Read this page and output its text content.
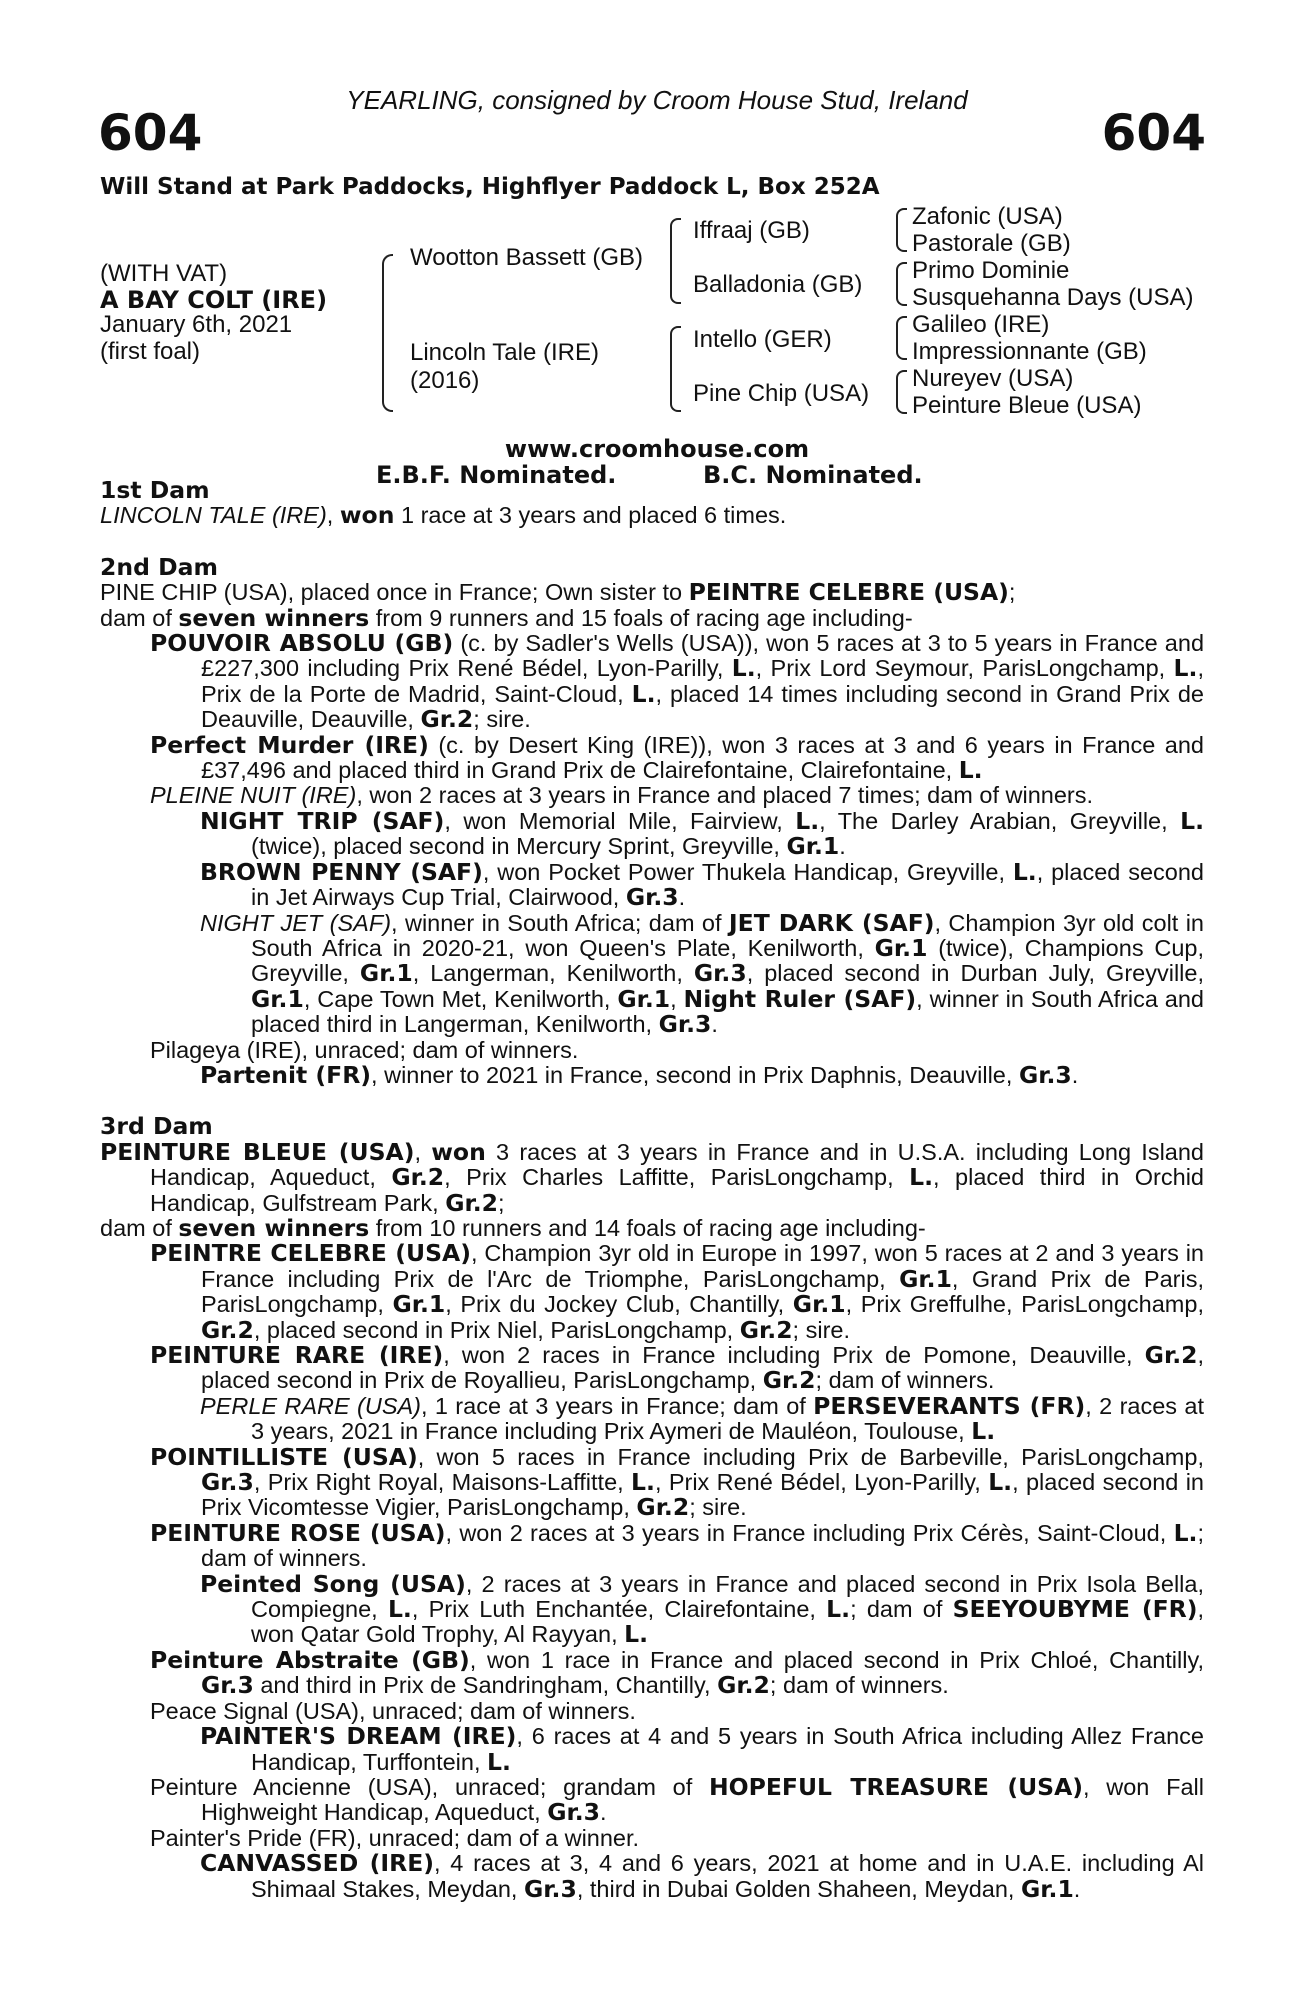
604	604
YEARLING, consigned by Croom House Stud, Ireland
Will Stand at Park Paddocks, Highflyer Paddock L, Box 252A
(WITH VAT)
A BAY COLT (IRE)
January 6th, 2021
(first foal)
Wootton Bassett (GB)
Lincoln Tale (IRE)
(2016)
Iffraaj (GB)
Balladonia (GB)
Intello (GER)
Pine Chip (USA)
Zafonic (USA)
Pastorale (GB)
Primo Dominie
Susquehanna Days (USA)
Galileo (IRE)
Impressionnante (GB)
Nureyev (USA)
Peinture Bleue (USA)
www.croomhouse.com
E.B.F. Nominated.	B.C. Nominated.

1st Dam

LINCOLN TALE (IRE), won 1 race at 3 years and placed 6 times.

2nd Dam

PINE CHIP (USA), placed once in France; Own sister to PEINTRE CELEBRE (USA);
dam of seven winners from 9 runners and 15 foals of racing age including-

POUVOIR ABSOLU (GB) (c. by Sadler's Wells (USA)), won 5 races at 3 to 5 years in France and £227,300 including Prix René Bédel, Lyon-Parilly, L., Prix Lord Seymour, ParisLongchamp, L., Prix de la Porte de Madrid, Saint-Cloud, L., placed 14 times including second in Grand Prix de Deauville, Deauville, Gr.2; sire.

Perfect Murder (IRE) (c. by Desert King (IRE)), won 3 races at 3 and 6 years in France and £37,496 and placed third in Grand Prix de Clairefontaine, Clairefontaine, L.

PLEINE NUIT (IRE), won 2 races at 3 years in France and placed 7 times; dam of winners.

NIGHT TRIP (SAF), won Memorial Mile, Fairview, L., The Darley Arabian, Greyville, L. (twice), placed second in Mercury Sprint, Greyville, Gr.1.

BROWN PENNY (SAF), won Pocket Power Thukela Handicap, Greyville, L., placed second in Jet Airways Cup Trial, Clairwood, Gr.3.

NIGHT JET (SAF), winner in South Africa; dam of JET DARK (SAF), Champion 3yr old colt in South Africa in 2020-21, won Queen's Plate, Kenilworth, Gr.1 (twice), Champions Cup, Greyville, Gr.1, Langerman, Kenilworth, Gr.3, placed second in Durban July, Greyville, Gr.1, Cape Town Met, Kenilworth, Gr.1, Night Ruler (SAF), winner in South Africa and placed third in Langerman, Kenilworth, Gr.3.

Pilageya (IRE), unraced; dam of winners.

Partenit (FR), winner to 2021 in France, second in Prix Daphnis, Deauville, Gr.3.

3rd Dam

PEINTURE BLEUE (USA), won 3 races at 3 years in France and in U.S.A. including Long Island Handicap, Aqueduct, Gr.2, Prix Charles Laffitte, ParisLongchamp, L., placed third in Orchid Handicap, Gulfstream Park, Gr.2;

dam of seven winners from 10 runners and 14 foals of racing age including-

PEINTRE CELEBRE (USA), Champion 3yr old in Europe in 1997, won 5 races at 2 and 3 years in France including Prix de l'Arc de Triomphe, ParisLongchamp, Gr.1, Grand Prix de Paris, ParisLongchamp, Gr.1, Prix du Jockey Club, Chantilly, Gr.1, Prix Greffulhe, ParisLongchamp, Gr.2, placed second in Prix Niel, ParisLongchamp, Gr.2; sire.

PEINTURE RARE (IRE), won 2 races in France including Prix de Pomone, Deauville, Gr.2, placed second in Prix de Royallieu, ParisLongchamp, Gr.2; dam of winners.

PERLE RARE (USA), 1 race at 3 years in France; dam of PERSEVERANTS (FR), 2 races at 3 years, 2021 in France including Prix Aymeri de Mauléon, Toulouse, L.

POINTILLISTE (USA), won 5 races in France including Prix de Barbeville, ParisLongchamp, Gr.3, Prix Right Royal, Maisons-Laffitte, L., Prix René Bédel, Lyon-Parilly, L., placed second in Prix Vicomtesse Vigier, ParisLongchamp, Gr.2; sire.

PEINTURE ROSE (USA), won 2 races at 3 years in France including Prix Cérès, Saint-Cloud, L.; dam of winners.

Peinted Song (USA), 2 races at 3 years in France and placed second in Prix Isola Bella, Compiegne, L., Prix Luth Enchantée, Clairefontaine, L.; dam of SEEYOUBYME (FR), won Qatar Gold Trophy, Al Rayyan, L.

Peinture Abstraite (GB), won 1 race in France and placed second in Prix Chloé, Chantilly, Gr.3 and third in Prix de Sandringham, Chantilly, Gr.2; dam of winners.

Peace Signal (USA), unraced; dam of winners.

PAINTER'S DREAM (IRE), 6 races at 4 and 5 years in South Africa including Allez France Handicap, Turffontein, L.

Peinture Ancienne (USA), unraced; grandam of HOPEFUL TREASURE (USA), won Fall Highweight Handicap, Aqueduct, Gr.3.

Painter's Pride (FR), unraced; dam of a winner.

CANVASSED (IRE), 4 races at 3, 4 and 6 years, 2021 at home and in U.A.E. including Al Shimaal Stakes, Meydan, Gr.3, third in Dubai Golden Shaheen, Meydan, Gr.1.
